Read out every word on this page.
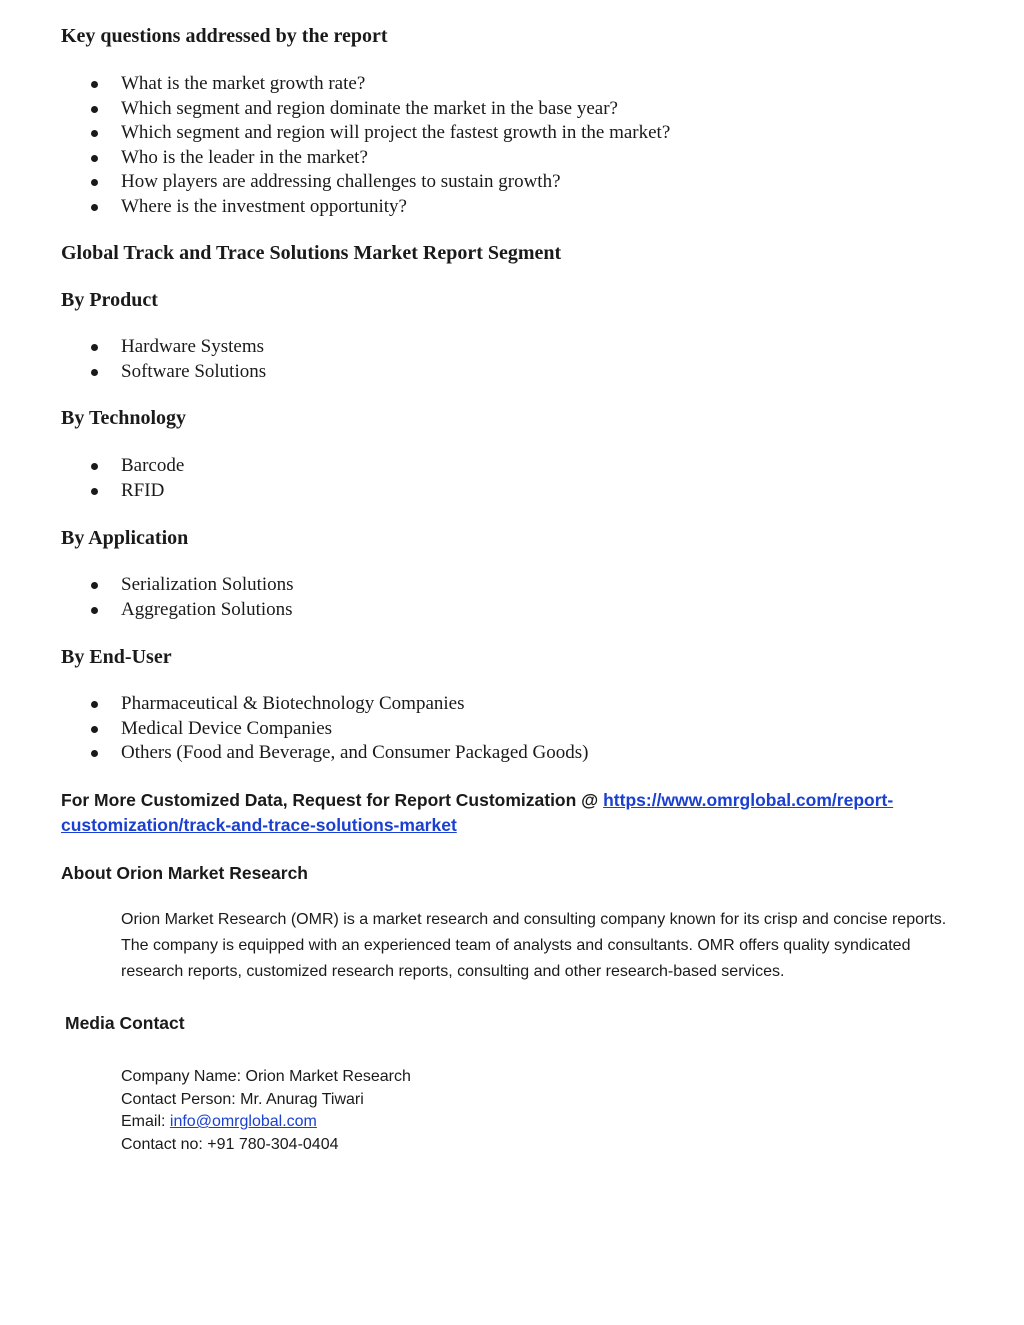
Key questions addressed by the report
What is the market growth rate?
Which segment and region dominate the market in the base year?
Which segment and region will project the fastest growth in the market?
Who is the leader in the market?
How players are addressing challenges to sustain growth?
Where is the investment opportunity?
Global Track and Trace Solutions Market Report Segment
By Product
Hardware Systems
Software Solutions
By Technology
Barcode
RFID
By Application
Serialization Solutions
Aggregation Solutions
By End-User
Pharmaceutical & Biotechnology Companies
Medical Device Companies
Others (Food and Beverage, and Consumer Packaged Goods)

For More Customized Data, Request for Report Customization @ https://www.omrglobal.com/report-
customization/track-and-trace-solutions-market

About Orion Market Research

Orion Market Research (OMR) is a market research and consulting company known for its crisp and concise reports. The company is equipped with an experienced team of analysts and consultants. OMR offers quality syndicated research reports, customized research reports, consulting and other research-based services.

Media Contact
Company Name: Orion Market Research
Contact Person: Mr. Anurag Tiwari
Email: info@omrglobal.com
Contact no: +91 780-304-0404
